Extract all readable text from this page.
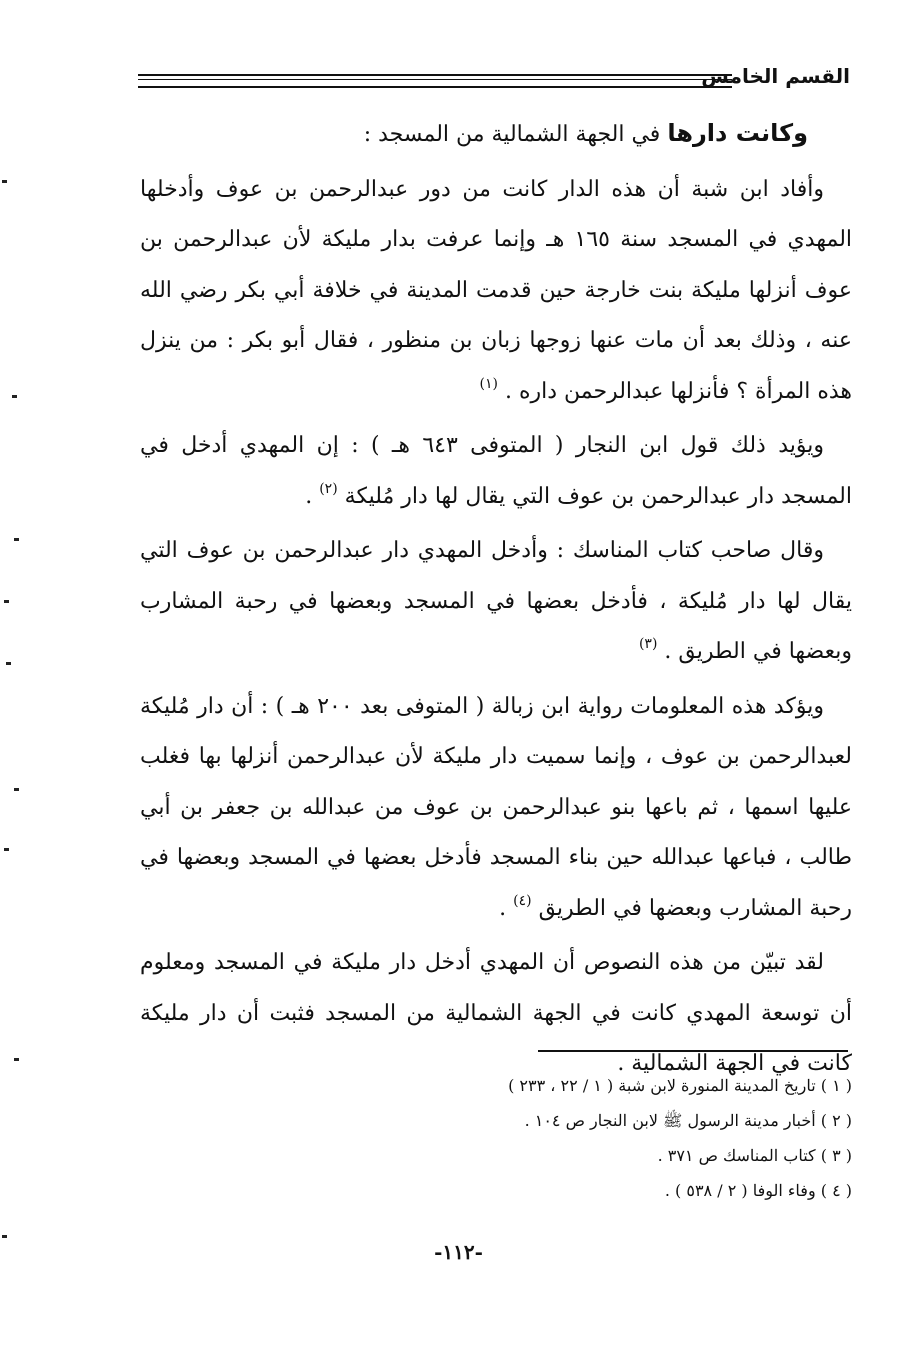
القسم الخامس

وكانت دارها في الجهة الشمالية من المسجد :

وأفاد ابن شبة أن هذه الدار كانت من دور عبدالرحمن بن عوف وأدخلها المهدي في المسجد سنة ١٦٥ هـ وإنما عرفت بدار مليكة لأن عبدالرحمن بن عوف أنزلها مليكة بنت خارجة حين قدمت المدينة في خلافة أبي بكر رضي الله عنه ، وذلك بعد أن مات عنها زوجها زبان بن منظور ، فقال أبو بكر : من ينزل هذه المرأة ؟ فأنزلها عبدالرحمن داره . $^{(١)}$

ويؤيد ذلك قول ابن النجار ( المتوفى ٦٤٣ هـ ) : إن المهدي أدخل في المسجد دار عبدالرحمن بن عوف التي يقال لها دار مُليكة $^{(٢)}$ .

وقال صاحب كتاب المناسك : وأدخل المهدي دار عبدالرحمن بن عوف التي يقال لها دار مُليكة ، فأدخل بعضها في المسجد وبعضها في رحبة المشارب وبعضها في الطريق . $^{(٣)}$

ويؤكد هذه المعلومات رواية ابن زبالة ( المتوفى بعد ٢٠٠ هـ ) : أن دار مُليكة لعبدالرحمن بن عوف ، وإنما سميت دار مليكة لأن عبدالرحمن أنزلها بها فغلب عليها اسمها ، ثم باعها بنو عبدالرحمن بن عوف من عبدالله بن جعفر بن أبي طالب ، فباعها عبدالله حين بناء المسجد فأدخل بعضها في المسجد وبعضها في رحبة المشارب وبعضها في الطريق $^{(٤)}$ .

لقد تبيّن من هذه النصوص أن المهدي أدخل دار مليكة في المسجد ومعلوم أن توسعة المهدي كانت في الجهة الشمالية من المسجد فثبت أن دار مليكة كانت في الجهة الشمالية .

( ١ ) تاريخ المدينة المنورة لابن شبة ( ١ / ٢٢ ، ٢٣٣ )
( ٢ ) أخبار مدينة الرسول ﷺ لابن النجار ص ١٠٤ .
( ٣ ) كتاب المناسك ص ٣٧١ .
( ٤ ) وفاء الوفا ( ٢ / ٥٣٨ ) .
-١١٢-
